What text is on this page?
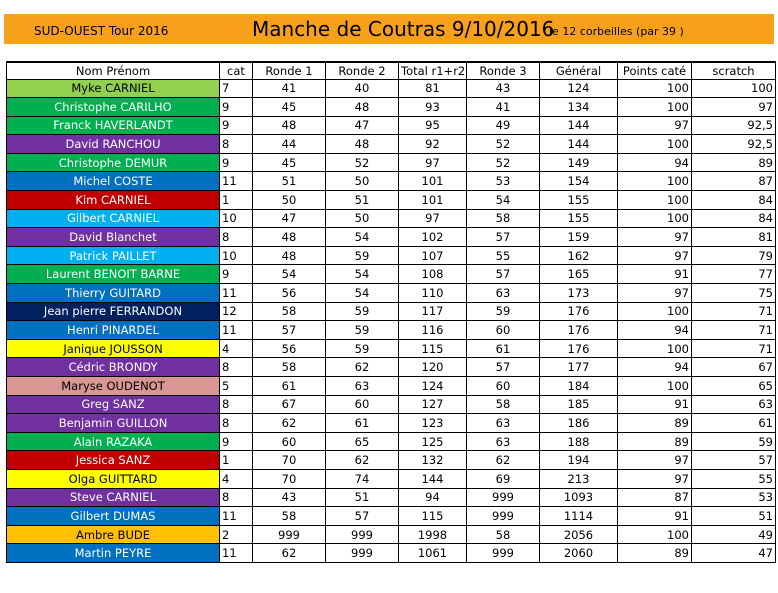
SUD-OUEST Tour 2016	Manche de Coutras 9/10/2016
le 12 corbeilles (par 39 )
Nom Prénom	cat	Ronde 1	Ronde 2	Total r1+r2	Ronde 3	Général	Points caté	scratch
Myke CARNIEL	7	41	40	81	43	124	100	100
Christophe CARILHO	9	45	48	93	41	134	100	97
Franck HAVERLANDT	9	48	47	95	49	144	97	92,5
David RANCHOU	8	44	48	92	52	144	100	92,5
Christophe DEMUR	9	45	52	97	52	149	94	89
Michel COSTE	11	51	50	101	53	154	100	87
Kim CARNIEL	1	50	51	101	54	155	100	84
Gilbert CARNIEL	10	47	50	97	58	155	100	84
David Blanchet	8	48	54	102	57	159	97	81
Patrick PAILLET	10	48	59	107	55	162	97	79
Laurent BENOIT BARNE	9	54	54	108	57	165	91	77
Thierry GUITARD	11	56	54	110	63	173	97	75
Jean pierre FERRANDON	12	58	59	117	59	176	100	71
Henri PINARDEL	11	57	59	116	60	176	94	71
Janique JOUSSON	4	56	59	115	61	176	100	71
Cédric BRONDY	8	58	62	120	57	177	94	67
Maryse OUDENOT	5	61	63	124	60	184	100	65
Greg SANZ	8	67	60	127	58	185	91	63
Benjamin GUILLON	8	62	61	123	63	186	89	61
Alain RAZAKA	9	60	65	125	63	188	89	59
Jessica SANZ	1	70	62	132	62	194	97	57
Olga GUITTARD	4	70	74	144	69	213	97	55
Steve CARNIEL	8	43	51	94	999	1093	87	53
Gilbert DUMAS	11	58	57	115	999	1114	91	51
Ambre BUDE	2	999	999	1998	58	2056	100	49
Martin PEYRE	11	62	999	1061	999	2060	89	47
